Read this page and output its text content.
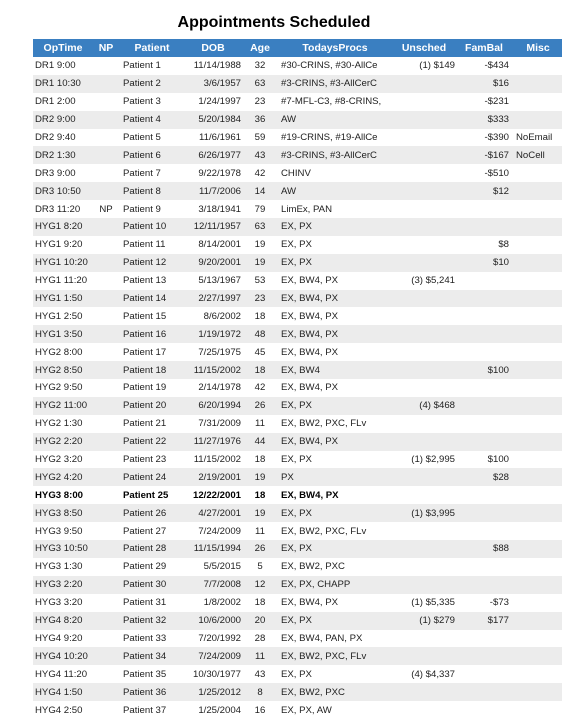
Appointments Scheduled
OpTime	NP	Patient	DOB	Age	TodaysProcs	Unsched	FamBal	Misc
DR1 9:00		Patient 1	11/14/1988	32	#30-CRINS, #30-AllCe	(1) $149	-$434	
DR1 10:30		Patient 2	3/6/1957	63	#3-CRINS, #3-AllCerC		$16	
DR1 2:00		Patient 3	1/24/1997	23	#7-MFL-C3, #8-CRINS,		-$231	
DR2 9:00		Patient 4	5/20/1984	36	AW		$333	
DR2 9:40		Patient 5	11/6/1961	59	#19-CRINS, #19-AllCe		-$390	NoEmail
DR2 1:30		Patient 6	6/26/1977	43	#3-CRINS, #3-AllCerC		-$167	NoCell
DR3 9:00		Patient 7	9/22/1978	42	CHINV		-$510	
DR3 10:50		Patient 8	11/7/2006	14	AW		$12	
DR3 11:20	NP	Patient 9	3/18/1941	79	LimEx, PAN			
HYG1 8:20		Patient 10	12/11/1957	63	EX, PX			
HYG1 9:20		Patient 11	8/14/2001	19	EX, PX		$8	
HYG1 10:20		Patient 12	9/20/2001	19	EX, PX		$10	
HYG1 11:20		Patient 13	5/13/1967	53	EX, BW4, PX	(3) $5,241		
HYG1 1:50		Patient 14	2/27/1997	23	EX, BW4, PX			
HYG1 2:50		Patient 15	8/6/2002	18	EX, BW4, PX			
HYG1 3:50		Patient 16	1/19/1972	48	EX, BW4, PX			
HYG2 8:00		Patient 17	7/25/1975	45	EX, BW4, PX			
HYG2 8:50		Patient 18	11/15/2002	18	EX, BW4		$100	
HYG2 9:50		Patient 19	2/14/1978	42	EX, BW4, PX			
HYG2 11:00		Patient 20	6/20/1994	26	EX, PX	(4) $468		
HYG2 1:30		Patient 21	7/31/2009	11	EX, BW2, PXC, FLv			
HYG2 2:20		Patient 22	11/27/1976	44	EX, BW4, PX			
HYG2 3:20		Patient 23	11/15/2002	18	EX, PX	(1) $2,995	$100	
HYG2 4:20		Patient 24	2/19/2001	19	PX		$28	
HYG3 8:00		Patient 25	12/22/2001	18	EX, BW4, PX			
HYG3 8:50		Patient 26	4/27/2001	19	EX, PX	(1) $3,995		
HYG3 9:50		Patient 27	7/24/2009	11	EX, BW2, PXC, FLv			
HYG3 10:50		Patient 28	11/15/1994	26	EX, PX		$88	
HYG3 1:30		Patient 29	5/5/2015	5	EX, BW2, PXC			
HYG3 2:20		Patient 30	7/7/2008	12	EX, PX, CHAPP			
HYG3 3:20		Patient 31	1/8/2002	18	EX, BW4, PX	(1) $5,335	-$73	
HYG4 8:20		Patient 32	10/6/2000	20	EX, PX	(1) $279	$177	
HYG4 9:20		Patient 33	7/20/1992	28	EX, BW4, PAN, PX			
HYG4 10:20		Patient 34	7/24/2009	11	EX, BW2, PXC, FLv			
HYG4 11:20		Patient 35	10/30/1977	43	EX, PX	(4) $4,337		
HYG4 1:50		Patient 36	1/25/2012	8	EX, BW2, PXC			
HYG4 2:50		Patient 37	1/25/2004	16	EX, PX, AW			
